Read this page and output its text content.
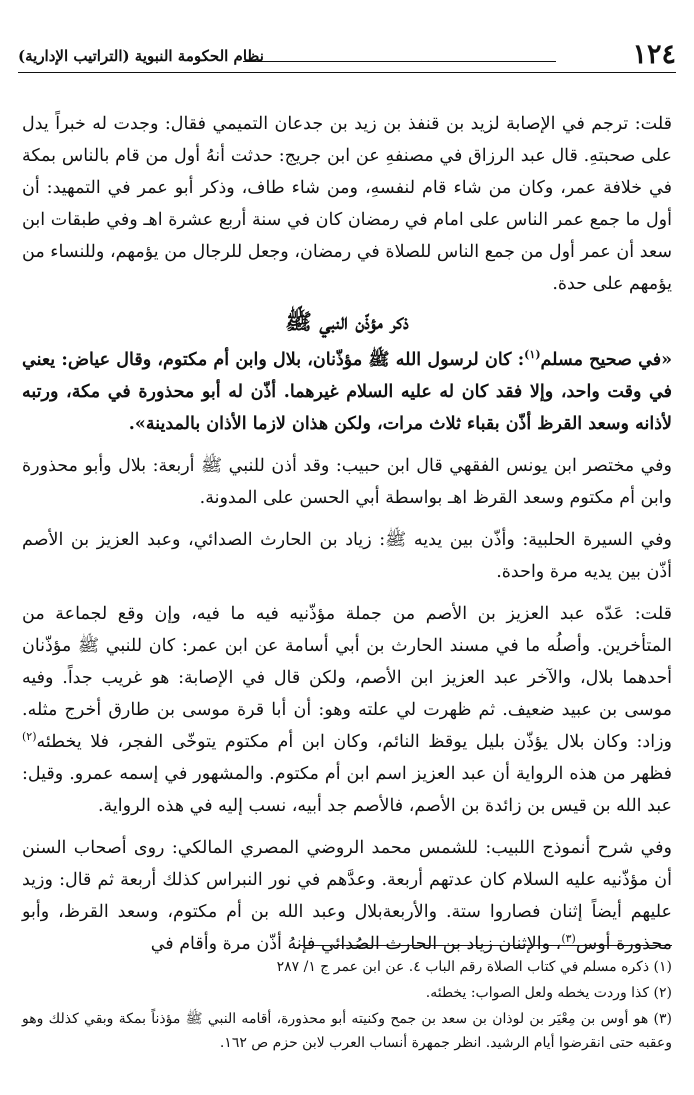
١٢٤
نظام الحكومة النبوية (التراتيب الإدارية)

قلت: ترجم في الإصابة لزيد بن قنفذ بن زيد بن جدعان التميمي فقال: وجدت له خبراً يدل على صحبتهِ. قال عبد الرزاق في مصنفهِ عن ابن جريج: حدثت أنهُ أول من قام بالناس بمكة في خلافة عمر، وكان من شاء قام لنفسهِ، ومن شاء طاف، وذكر أبو عمر في التمهيد: أن أول ما جمع عمر الناس على امام في رمضان كان في سنة أربع عشرة اهـ وفي طبقات ابن سعد أن عمر أول من جمع الناس للصلاة في رمضان، وجعل للرجال من يؤمهم، وللنساء من يؤمهم على حدة.

ذكر مؤذّن النبي ﷺ

«في صحيح مسلم$^{(١)}$: كان لرسول الله ﷺ مؤذّنان، بلال وابن أم مكتوم، وقال عياض: يعني في وقت واحد، وإلا فقد كان له عليه السلام غيرهما. أذّن له أبو محذورة في مكة، ورتبه لأذانه وسعد القرظ أذّن بقباء ثلاث مرات، ولكن هذان لازما الأذان بالمدينة».

وفي مختصر ابن يونس الفقهي قال ابن حبيب: وقد أذن للنبي ﷺ أربعة: بلال وأبو محذورة وابن أم مكتوم وسعد القرظ اهـ بواسطة أبي الحسن على المدونة.

وفي السيرة الحلبية: وأذّن بين يديه ﷺ: زياد بن الحارث الصدائي، وعبد العزيز بن الأصم أذّن بين يديه مرة واحدة.

قلت: عَدّه عبد العزيز بن الأصم من جملة مؤذّنيه فيه ما فيه، وإن وقع لجماعة من المتأخرين. وأصلُه ما في مسند الحارث بن أبي أسامة عن ابن عمر: كان للنبي ﷺ مؤذّنان أحدهما بلال، والآخر عبد العزيز ابن الأصم، ولكن قال في الإصابة: هو غريب جداً. وفيه موسى بن عبيد ضعيف. ثم ظهرت لي علته وهو: أن أبا قرة موسى بن طارق أخرج مثله. وزاد: وكان بلال يؤذّن بليل يوقظ النائم، وكان ابن أم مكتوم يتوخّى الفجر، فلا يخطئه$^{(٢)}$ فظهر من هذه الرواية أن عبد العزيز اسم ابن أم مكتوم. والمشهور في إسمه عمرو. وقيل: عبد الله بن قيس بن زائدة بن الأصم، فالأصم جد أبيه، نسب إليه في هذه الرواية.

وفي شرح أنموذج اللبيب: للشمس محمد الروضي المصري المالكي: روى أصحاب السنن أن مؤذّنيه عليه السلام كان عدتهم أربعة. وعدَّهم في نور النبراس كذلك أربعة ثم قال: وزيد عليهم أيضاً إثنان فصاروا ستة. والأربعةبلال وعبد الله بن أم مكتوم، وسعد القرظ، وأبو محذورة أوس$^{(٣)}$، والإثنان زياد بن الحارث الصُدائي فإنهُ أذّن مرة وأقام في

(١) ذكره مسلم في كتاب الصلاة رقم الباب ٤. عن ابن عمر ج ١/ ٢٨٧

(٢) كذا وردت يخطه ولعل الصواب: يخطئه.

(٣) هو أوس بن مِعْيَر بن لوذان بن سعد بن جمح وكنيته أبو محذورة، أقامه النبي ﷺ مؤذناً بمكة وبقي كذلك وهو وعقبه حتى انقرضوا أيام الرشيد. انظر جمهرة أنساب العرب لابن حزم ص ١٦٢.
